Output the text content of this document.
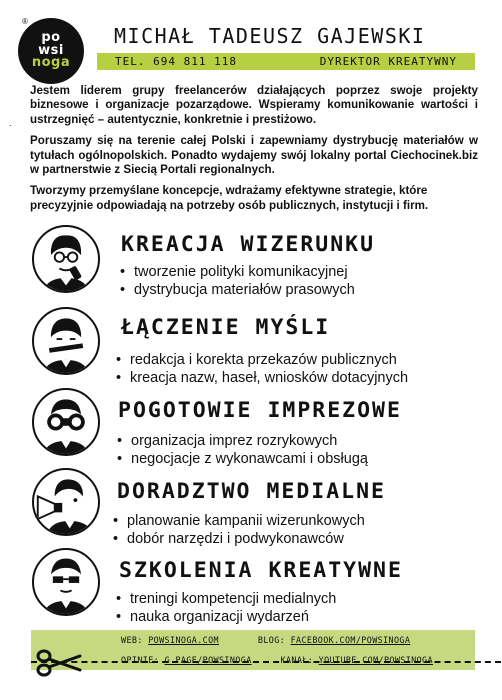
®
po
wsi
noga
MICHAŁ TADEUSZ GAJEWSKI
TEL. 694 811 118	DYREKTOR KREATYWNY
.

Jestem liderem grupy freelancerów działających poprzez swoje projekty biznesowe i organizacje pozarządowe. Wspieramy komunikowanie wartości i ustrzegnięć – autentycznie, konkretnie i prestiżowo.

Poruszamy się na terenie całej Polski i zapewniamy dystrybucję materiałów w tytułach ogólnopolskich. Ponadto wydajemy swój lokalny portal Ciechocinek.biz w partnerstwie z Siecią Portali regionalnych.

Tworzymy przemyślane koncepcje, wdrażamy efektywne strategie, które precyzyjnie odpowiadają na potrzeby osób publicznych, instytucji i firm.

KREACJA WIZERUNKU
• tworzenie polityki komunikacyjnej
• dystrybucja materiałów prasowych
ŁĄCZENIE MYŚLI
• redakcja i korekta przekazów publicznych
• kreacja nazw, haseł, wniosków dotacyjnych
POGOTOWIE IMPREZOWE
• organizacja imprez rozrykowych
• negocjacje z wykonawcami i obsługą
DORADZTWO MEDIALNE
• planowanie kampanii wizerunkowych
• dobór narzędzi i podwykonawców
SZKOLENIA KREATYWNE
• treningi kompetencji medialnych
• nauka organizacji wydarzeń
WEB: POWSINOGA.COM	BLOG: FACEBOOK.COM/POWSINOGA
OPINIE: G.PAGE/POWSINOGA	KANAŁ: YOUTUBE.COM/POWSINOGA
